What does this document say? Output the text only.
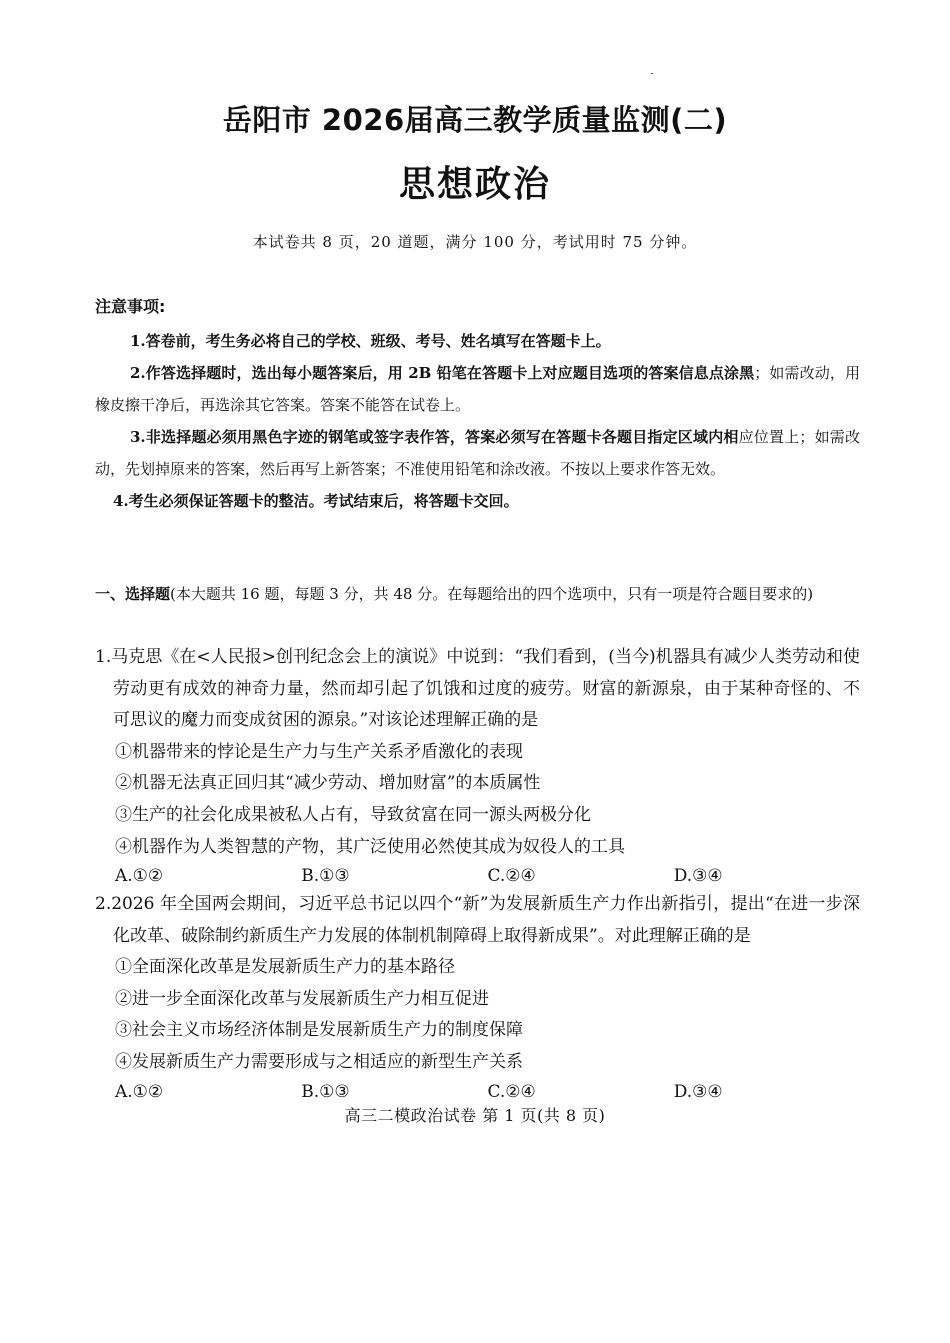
岳阳市 2026届高三教学质量监测(二)
思想政治
本试卷共 8 页，20 道题，满分 100 分，考试用时 75 分钟。
注意事项:
1.答卷前，考生务必将自己的学校、班级、考号、姓名填写在答题卡上。
2.作答选择题时，选出每小题答案后，用 2B 铅笔在答题卡上对应题目选项的答案信息点涂黑；如需改动，用橡皮擦干净后，再选涂其它答案。答案不能答在试卷上。
3.非选择题必须用黑色字迹的钢笔或签字表作答，答案必须写在答题卡各题目指定区域内相应位置上；如需改动，先划掉原来的答案，然后再写上新答案；不准使用铅笔和涂改液。不按以上要求作答无效。
4.考生必须保证答题卡的整洁。考试结束后，将答题卡交回。
一、选择题(本大题共 16 题，每题 3 分，共 48 分。在每题给出的四个选项中，只有一项是符合题目要求的)
1.马克思《在<人民报>创刊纪念会上的演说》中说到：“我们看到，(当今)机器具有减少人类劳动和使劳动更有成效的神奇力量，然而却引起了饥饿和过度的疲劳。财富的新源泉，由于某种奇怪的、不可思议的魔力而变成贫困的源泉。”对该论述理解正确的是
①机器带来的悖论是生产力与生产关系矛盾激化的表现
②机器无法真正回归其“减少劳动、增加财富”的本质属性
③生产的社会化成果被私人占有，导致贫富在同一源头两极分化
④机器作为人类智慧的产物，其广泛使用必然使其成为奴役人的工具
A.①②	B.①③	C.②④	D.③④
2.2026 年全国两会期间，习近平总书记以四个“新”为发展新质生产力作出新指引，提出“在进一步深化改革、破除制约新质生产力发展的体制机制障碍上取得新成果”。对此理解正确的是
①全面深化改革是发展新质生产力的基本路径
②进一步全面深化改革与发展新质生产力相互促进
③社会主义市场经济体制是发展新质生产力的制度保障
④发展新质生产力需要形成与之相适应的新型生产关系
A.①②	B.①③	C.②④	D.③④
高三二模政治试卷 第 1 页(共 8 页)
